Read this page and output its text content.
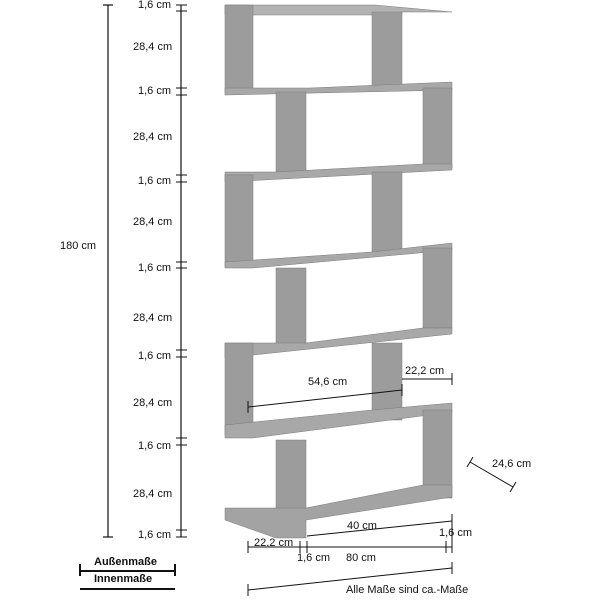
180 cm
1,6 cm
28,4 cm
1,6 cm
28,4 cm
1,6 cm
28,4 cm
1,6 cm
28,4 cm
1,6 cm
28,4 cm
1,6 cm
28,4 cm
1,6 cm
54,6 cm
22,2 cm
24,6 cm
40 cm
1,6 cm
22,2 cm
1,6 cm 80 cm
Außenmaße
Innenmaße
Alle Maße sind ca.-Maße
